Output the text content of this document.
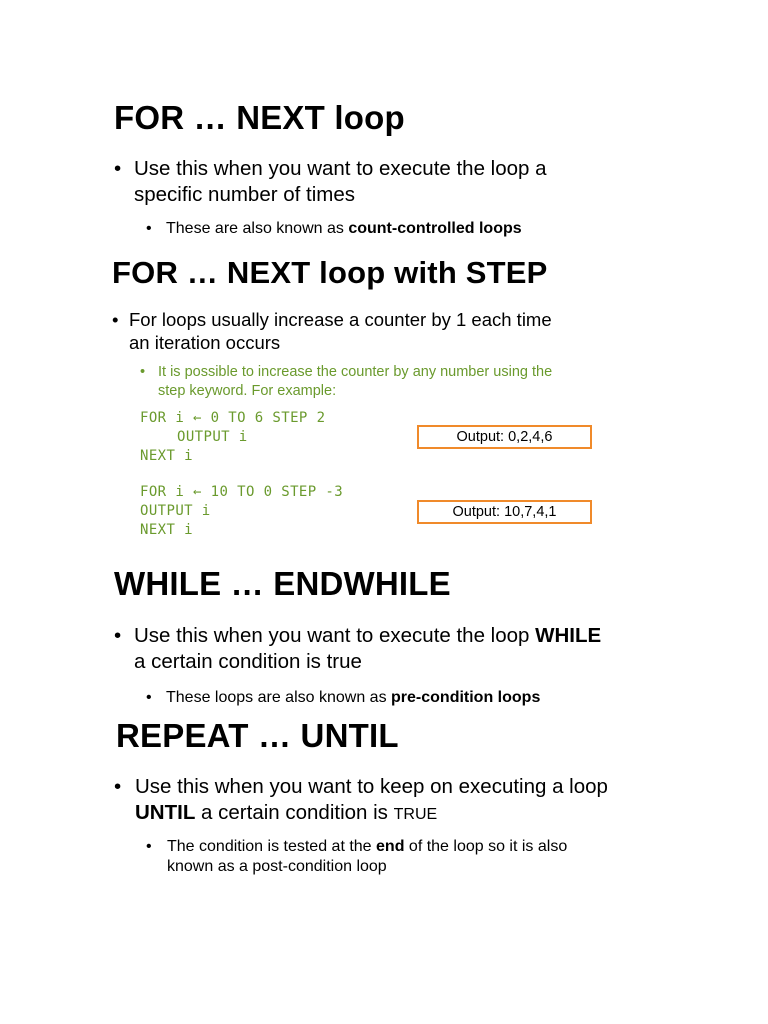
FOR … NEXT loop
• Use this when you want to execute the loop a
specific number of times
• These are also known as count-controlled loops
FOR … NEXT loop with STEP
• For loops usually increase a counter by 1 each time
an iteration occurs
• It is possible to increase the counter by any number using the
step keyword. For example:
FOR i ← 0 TO 6 STEP 2
OUTPUT i
NEXT i
Output: 0,2,4,6
FOR i ← 10 TO 0 STEP -3
OUTPUT i
NEXT i
Output: 10,7,4,1
WHILE … ENDWHILE
• Use this when you want to execute the loop WHILE
a certain condition is true
• These loops are also known as pre-condition loops
REPEAT … UNTIL
• Use this when you want to keep on executing a loop
UNTIL a certain condition is TRUE
• The condition is tested at the end of the loop so it is also
known as a post-condition loop
